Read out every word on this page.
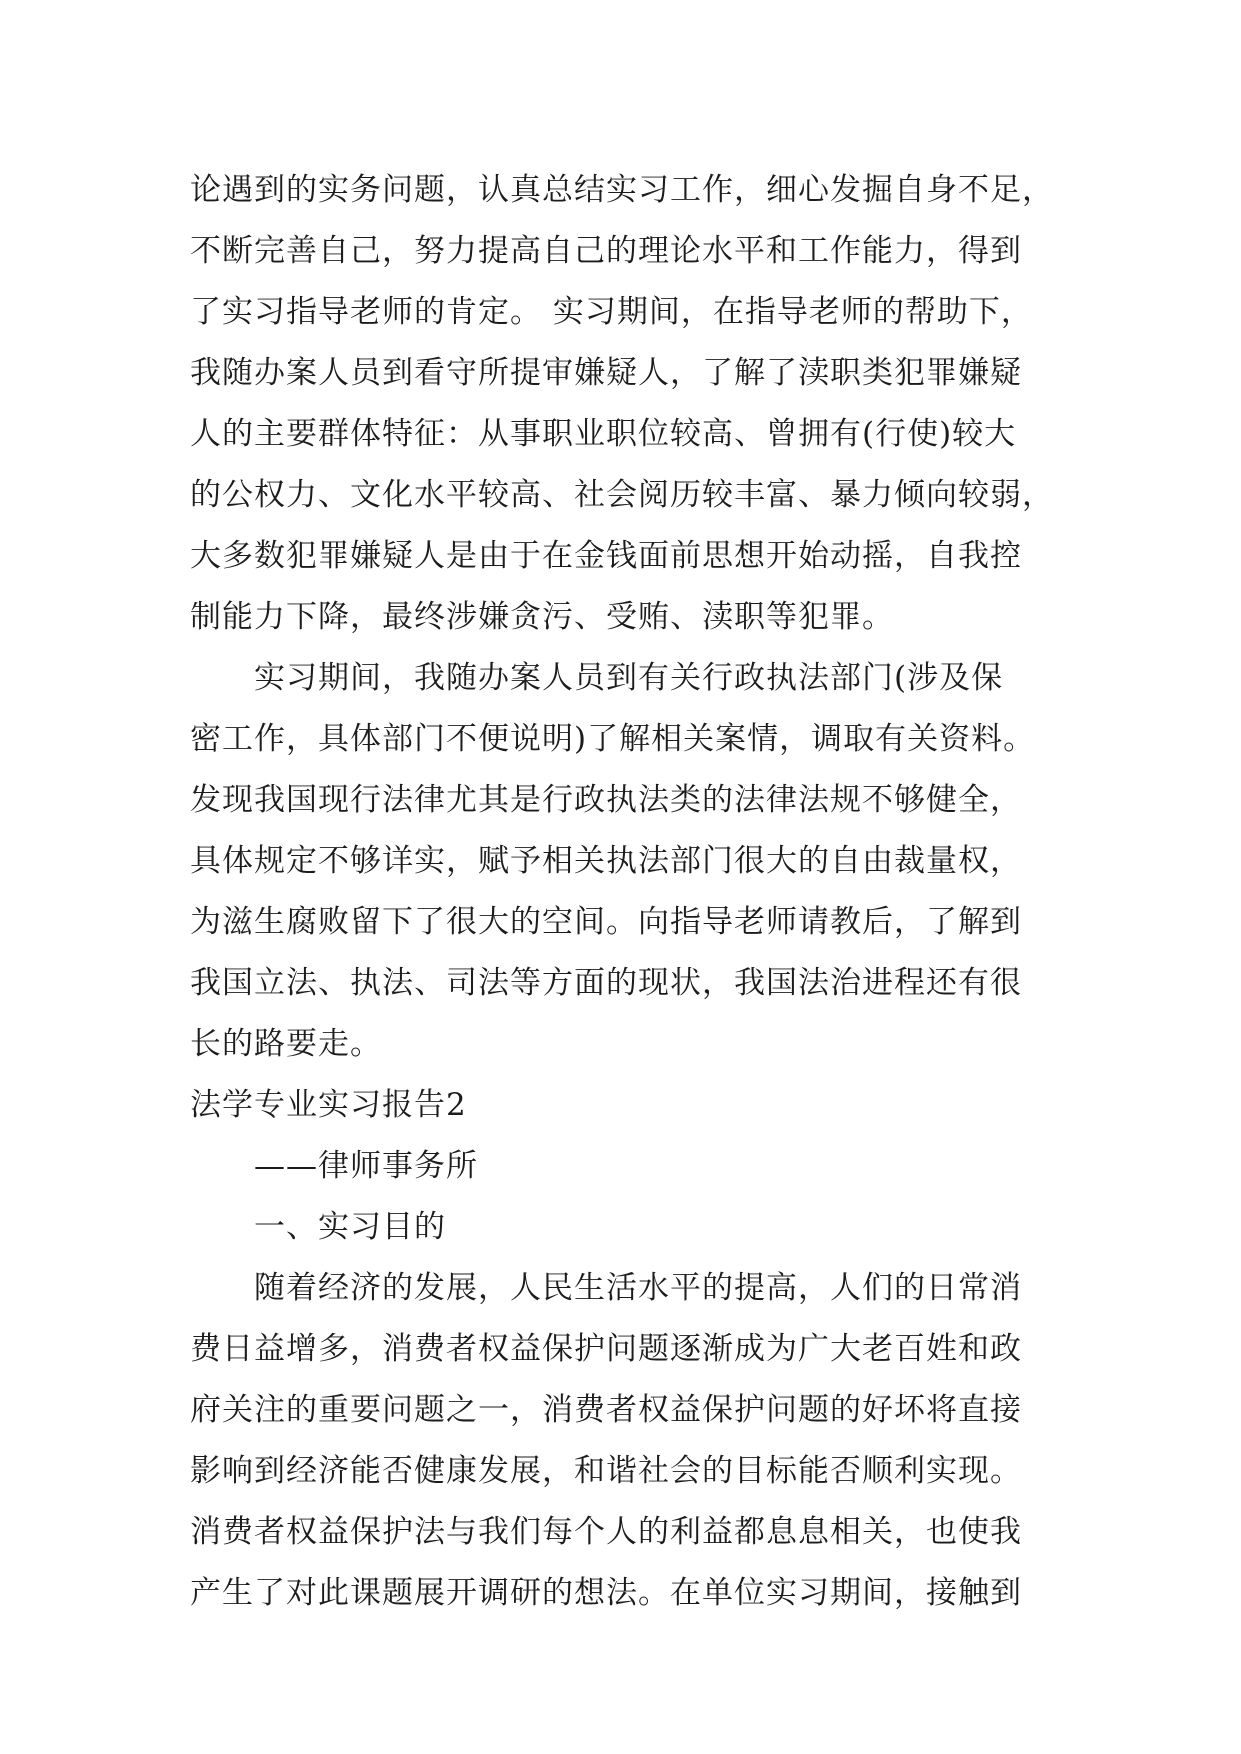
论遇到的实务问题，认真总结实习工作，细心发掘自身不足，
不断完善自己，努力提高自己的理论水平和工作能力，得到
了实习指导老师的肯定。 实习期间，在指导老师的帮助下，
我随办案人员到看守所提审嫌疑人，了解了渎职类犯罪嫌疑
人的主要群体特征：从事职业职位较高、曾拥有(行使)较大
的公权力、文化水平较高、社会阅历较丰富、暴力倾向较弱，
大多数犯罪嫌疑人是由于在金钱面前思想开始动摇，自我控
制能力下降，最终涉嫌贪污、受贿、渎职等犯罪。
实习期间，我随办案人员到有关行政执法部门(涉及保
密工作，具体部门不便说明)了解相关案情，调取有关资料。
发现我国现行法律尤其是行政执法类的法律法规不够健全，
具体规定不够详实，赋予相关执法部门很大的自由裁量权，
为滋生腐败留下了很大的空间。向指导老师请教后，了解到
我国立法、执法、司法等方面的现状，我国法治进程还有很
长的路要走。
法学专业实习报告2
——律师事务所
一、实习目的
随着经济的发展，人民生活水平的提高，人们的日常消
费日益增多，消费者权益保护问题逐渐成为广大老百姓和政
府关注的重要问题之一，消费者权益保护问题的好坏将直接
影响到经济能否健康发展，和谐社会的目标能否顺利实现。
消费者权益保护法与我们每个人的利益都息息相关，也使我
产生了对此课题展开调研的想法。在单位实习期间，接触到
